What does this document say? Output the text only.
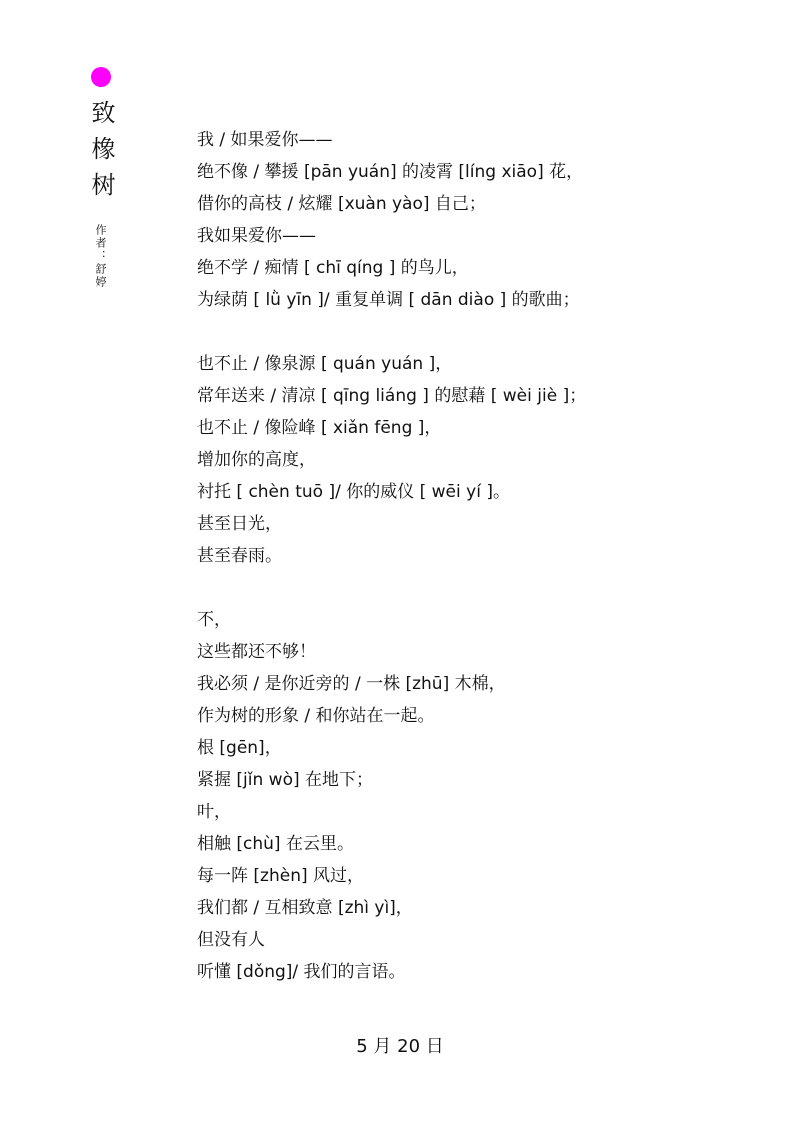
致橡树
作者：舒婷
我 / 如果爱你——
绝不像 / 攀援 [pān yuán] 的凌霄 [líng xiāo] 花，
借你的高枝 / 炫耀 [xuàn yào] 自己；
我如果爱你——
绝不学 / 痴情 [ chī qíng ] 的鸟儿，
为绿荫 [ lǜ yīn ]/ 重复单调 [ dān diào ] 的歌曲；
也不止 / 像泉源 [ quán yuán ]，
常年送来 / 清凉 [ qīng liáng ] 的慰藉 [ wèi jiè ]；
也不止 / 像险峰 [ xiǎn fēng ]，
增加你的高度，
衬托 [ chèn tuō ]/ 你的威仪 [ wēi yí ]。
甚至日光，
甚至春雨。
不，
这些都还不够！
我必须 / 是你近旁的 / 一株 [zhū] 木棉，
作为树的形象 / 和你站在一起。
根 [gēn]，
紧握 [jǐn wò] 在地下；
叶，
相触 [chù] 在云里。
每一阵 [zhèn] 风过，
我们都 / 互相致意 [zhì yì]，
但没有人
听懂 [dǒng]/ 我们的言语。
5 月 20 日
